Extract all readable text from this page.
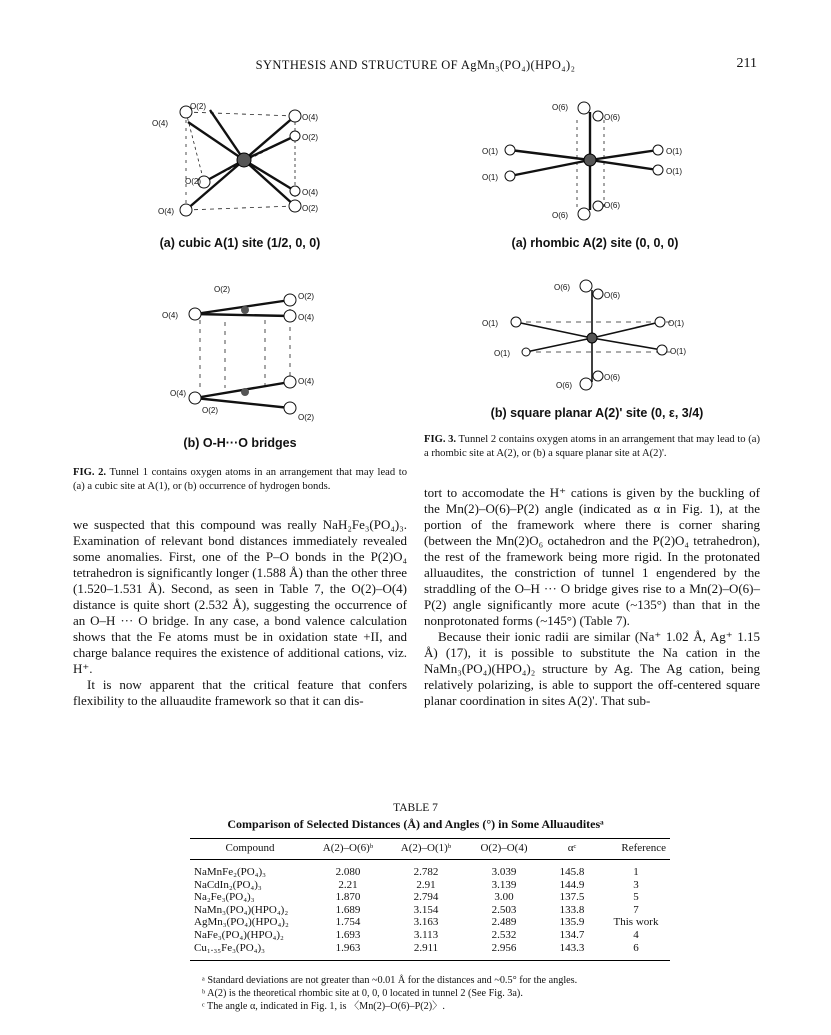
SYNTHESIS AND STRUCTURE OF AgMn₃(PO₄)(HPO₄)₂	211
O(2)
O(4)
O(4)
O(2)
O(2)
O(4)
O(4)	O(2)
(a) cubic A(1) site (1/2, 0, 0)
O(2)
O(2)
O(4)	O(4)
O(4)
O(4)
O(2)
O(2)
(b) O-H···O bridges
FIG. 2. Tunnel 1 contains oxygen atoms in an arrangement that may lead to (a) a cubic site at A(1), or (b) occurrence of hydrogen bonds.
O(6)
O(6)
O(1)	O(1)
O(1)
O(1)
O(6)
O(6)
(a) rhombic A(2) site (0, 0, 0)
O(6)
O(6)
O(1)	O(1)
O(1)	O(1)
O(6)
O(6)
(b) square planar A(2)' site (0, ε, 3/4)
FIG. 3. Tunnel 2 contains oxygen atoms in an arrangement that may lead to (a) a rhombic site at A(2), or (b) a square planar site at A(2)'.

we suspected that this compound was really NaH₂Fe₃(PO₄)₃. Examination of relevant bond distances immediately revealed some anomalies. First, one of the P–O bonds in the P(2)O₄ tetrahedron is significantly longer (1.588 Å) than the other three (1.520–1.531 Å). Second, as seen in Table 7, the O(2)–O(4) distance is quite short (2.532 Å), suggesting the occurrence of an O–H ··· O bridge. In any case, a bond valence calculation shows that the Fe atoms must be in oxidation state +II, and charge balance requires the existence of additional cations, viz. H⁺.

It is now apparent that the critical feature that confers flexibility to the alluaudite framework so that it can dis-

tort to accomodate the H⁺ cations is given by the buckling of the Mn(2)–O(6)–P(2) angle (indicated as α in Fig. 1), at the portion of the framework where there is corner sharing (between the Mn(2)O₆ octahedron and the P(2)O₄ tetrahedron), the rest of the framework being more rigid. In the protonated alluaudites, the constriction of tunnel 1 engendered by the straddling of the O–H ··· O bridge gives rise to a Mn(2)–O(6)–P(2) angle significantly more acute (~135°) than that in the nonprotonated forms (~145°) (Table 7).

Because their ionic radii are similar (Na⁺ 1.02 Å, Ag⁺ 1.15 Å) (17), it is possible to substitute the Na cation in the NaMn₃(PO₄)(HPO₄)₂ structure by Ag. The Ag cation, being relatively polarizing, is able to support the off-centered square planar coordination in sites A(2)'. That sub-

TABLE 7
Comparison of Selected Distances (Å) and Angles (°) in Some Alluauditesᵃ
Compound	A(2)–O(6)ᵇ	A(2)–O(1)ᵇ	O(2)–O(4)	αᶜ	Reference
NaMnFe₂(PO₄)₃	2.080	2.782	3.039	145.8	1
NaCdIn₂(PO₄)₃	2.21	2.91	3.139	144.9	3
Na₂Fe₃(PO₄)₃	1.870	2.794	3.00	137.5	5
NaMn₃(PO₄)(HPO₄)₂	1.689	3.154	2.503	133.8	7
AgMn₃(PO₄)(HPO₄)₂	1.754	3.163	2.489	135.9	This work
NaFe₃(PO₄)(HPO₄)₂	1.693	3.113	2.532	134.7	4
Cu₁.₃₅Fe₃(PO₄)₃	1.963	2.911	2.956	143.3	6
ᵃ Standard deviations are not greater than ~0.01 Å for the distances and ~0.5° for the angles.
ᵇ A(2) is the theoretical rhombic site at 0, 0, 0 located in tunnel 2 (See Fig. 3a).
ᶜ The angle α, indicated in Fig. 1, is 〈Mn(2)–O(6)–P(2)〉.
